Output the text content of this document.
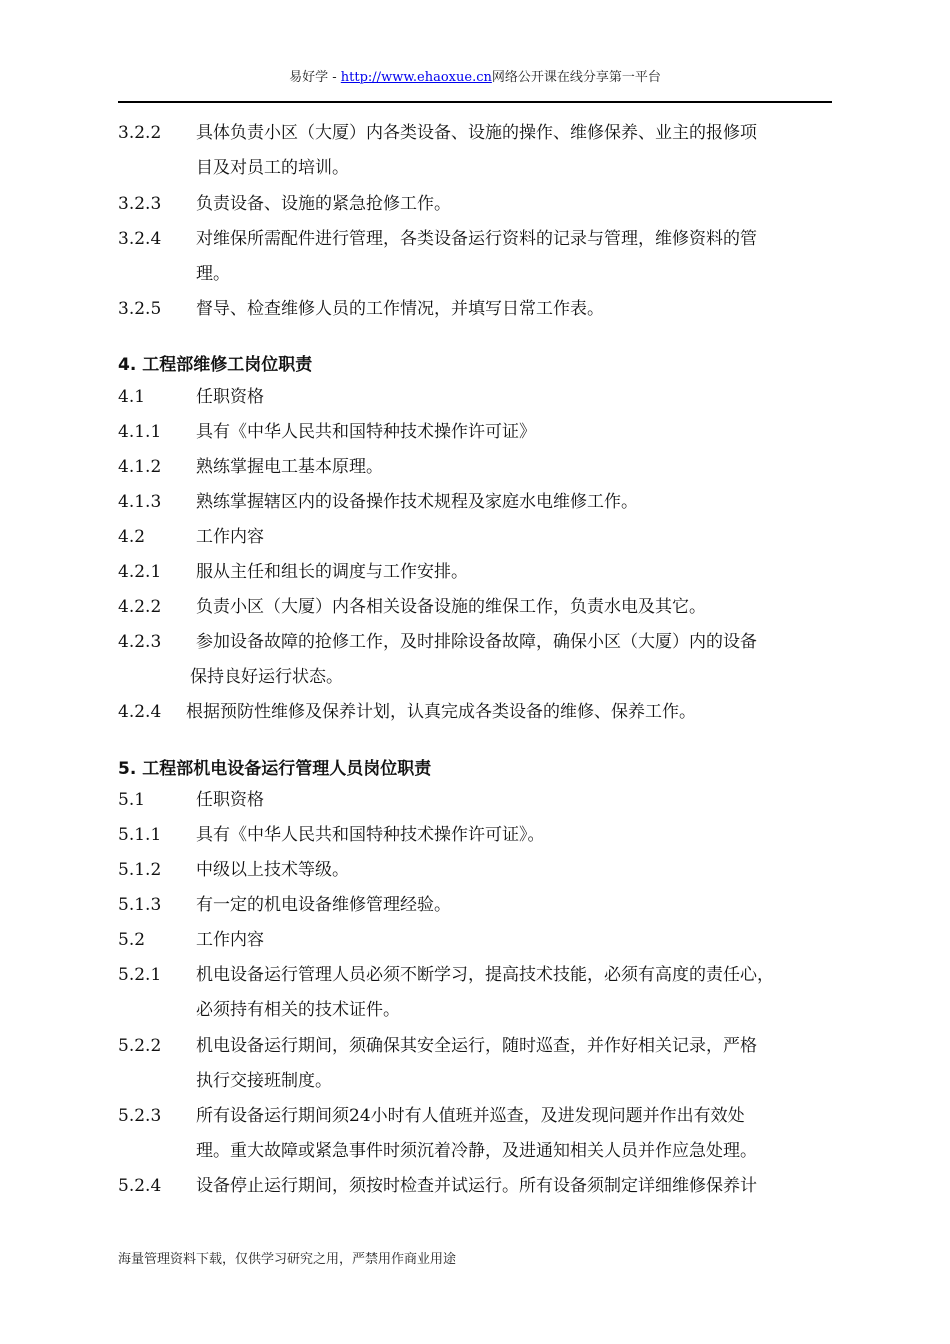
易好学 - http://www.ehaoxue.cn网络公开课在线分享第一平台
3.2.2 具体负责小区（大厦）内各类设备、设施的操作、维修保养、业主的报修项
目及对员工的培训。
3.2.3 负责设备、设施的紧急抢修工作。
3.2.4 对维保所需配件进行管理，各类设备运行资料的记录与管理，维修资料的管
理。
3.2.5 督导、检查维修人员的工作情况，并填写日常工作表。
4. 工程部维修工岗位职责
4.1	任职资格
4.1.1 具有《中华人民共和国特种技术操作许可证》
4.1.2 熟练掌握电工基本原理。
4.1.3 熟练掌握辖区内的设备操作技术规程及家庭水电维修工作。
4.2	工作内容
4.2.1 服从主任和组长的调度与工作安排。
4.2.2 负责小区（大厦）内各相关设备设施的维保工作，负责水电及其它。
4.2.3 参加设备故障的抢修工作，及时排除设备故障，确保小区（大厦）内的设备
保持良好运行状态。
4.2.4 根据预防性维修及保养计划，认真完成各类设备的维修、保养工作。
5. 工程部机电设备运行管理人员岗位职责
5.1	任职资格
5.1.1 具有《中华人民共和国特种技术操作许可证》。
5.1.2 中级以上技术等级。
5.1.3 有一定的机电设备维修管理经验。
5.2	工作内容
5.2.1 机电设备运行管理人员必须不断学习，提高技术技能，必须有高度的责任心，
必须持有相关的技术证件。
5.2.2 机电设备运行期间，须确保其安全运行，随时巡查，并作好相关记录，严格
执行交接班制度。
5.2.3 所有设备运行期间须24小时有人值班并巡查，及进发现问题并作出有效处
理。重大故障或紧急事件时须沉着冷静，及进通知相关人员并作应急处理。
5.2.4 设备停止运行期间，须按时检查并试运行。所有设备须制定详细维修保养计
海量管理资料下载，仅供学习研究之用，严禁用作商业用途
